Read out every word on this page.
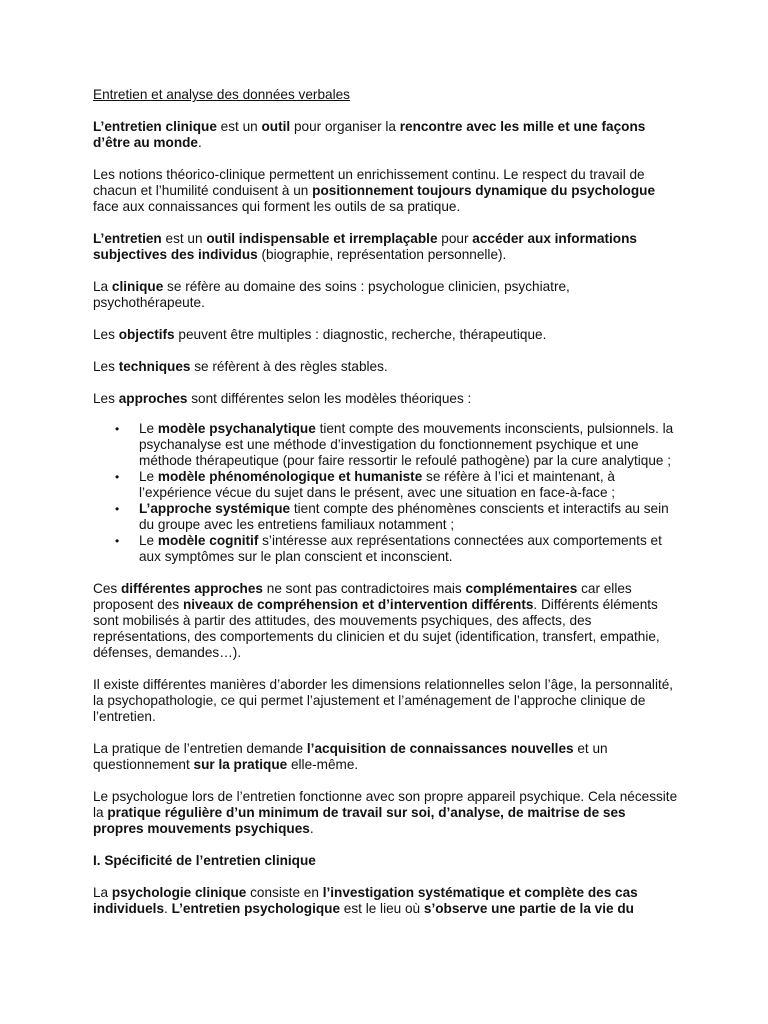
Entretien et analyse des données verbales

L’entretien clinique est un outil pour organiser la rencontre avec les mille et une façons d’être au monde.

Les notions théorico-clinique permettent un enrichissement continu. Le respect du travail de chacun et l’humilité conduisent à un positionnement toujours dynamique du psychologue face aux connaissances qui forment les outils de sa pratique.

L’entretien est un outil indispensable et irremplaçable pour accéder aux informations subjectives des individus (biographie, représentation personnelle).

La clinique se réfère au domaine des soins : psychologue clinicien, psychiatre, psychothérapeute.

Les objectifs peuvent être multiples : diagnostic, recherche, thérapeutique.

Les techniques se réfèrent à des règles stables.

Les approches sont différentes selon les modèles théoriques :

• Le modèle psychanalytique tient compte des mouvements inconscients, pulsionnels. la psychanalyse est une méthode d’investigation du fonctionnement psychique et une méthode thérapeutique (pour faire ressortir le refoulé pathogène) par la cure analytique ;
• Le modèle phénoménologique et humaniste se réfère à l’ici et maintenant, à l’expérience vécue du sujet dans le présent, avec une situation en face-à-face ;
• L’approche systémique tient compte des phénomènes conscients et interactifs au sein du groupe avec les entretiens familiaux notamment ;
• Le modèle cognitif s’intéresse aux représentations connectées aux comportements et aux symptômes sur le plan conscient et inconscient.

Ces différentes approches ne sont pas contradictoires mais complémentaires car elles proposent des niveaux de compréhension et d’intervention différents. Différents éléments sont mobilisés à partir des attitudes, des mouvements psychiques, des affects, des représentations, des comportements du clinicien et du sujet (identification, transfert, empathie, défenses, demandes…).

Il existe différentes manières d’aborder les dimensions relationnelles selon l’âge, la personnalité, la psychopathologie, ce qui permet l’ajustement et l’aménagement de l’approche clinique de l’entretien.

La pratique de l’entretien demande l’acquisition de connaissances nouvelles et un questionnement sur la pratique elle-même.

Le psychologue lors de l’entretien fonctionne avec son propre appareil psychique. Cela nécessite la pratique régulière d’un minimum de travail sur soi, d’analyse, de maitrise de ses propres mouvements psychiques.

I. Spécificité de l’entretien clinique

La psychologie clinique consiste en l’investigation systématique et complète des cas individuels. L’entretien psychologique est le lieu où s’observe une partie de la vie du
